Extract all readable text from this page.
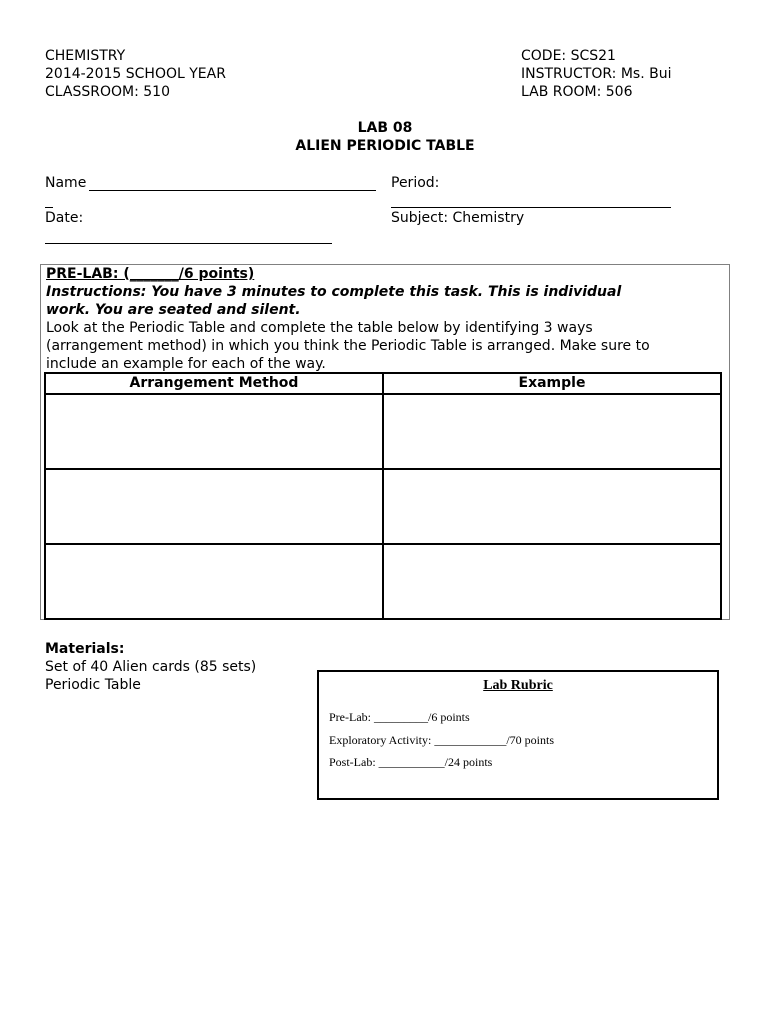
CHEMISTRY
2014-2015 SCHOOL YEAR
CLASSROOM: 510
CODE: SCS21
INSTRUCTOR: Ms. Bui
LAB ROOM: 506
LAB 08
ALIEN PERIODIC TABLE
Name	Period:
Date:	Subject: Chemistry
PRE-LAB: (_______/6 points)
Instructions: You have 3 minutes to complete this task. This is individual
work. You are seated and silent.
Look at the Periodic Table and complete the table below by identifying 3 ways
(arrangement method) in which you think the Periodic Table is arranged. Make sure to
include an example for each of the way.
Arrangement Method	Example

Materials:
Set of 40 Alien cards (85 sets)
Periodic Table	Lab Rubric
Pre-Lab: _________/6 points
Exploratory Activity: ____________/70 points
Post-Lab: ___________/24 points
